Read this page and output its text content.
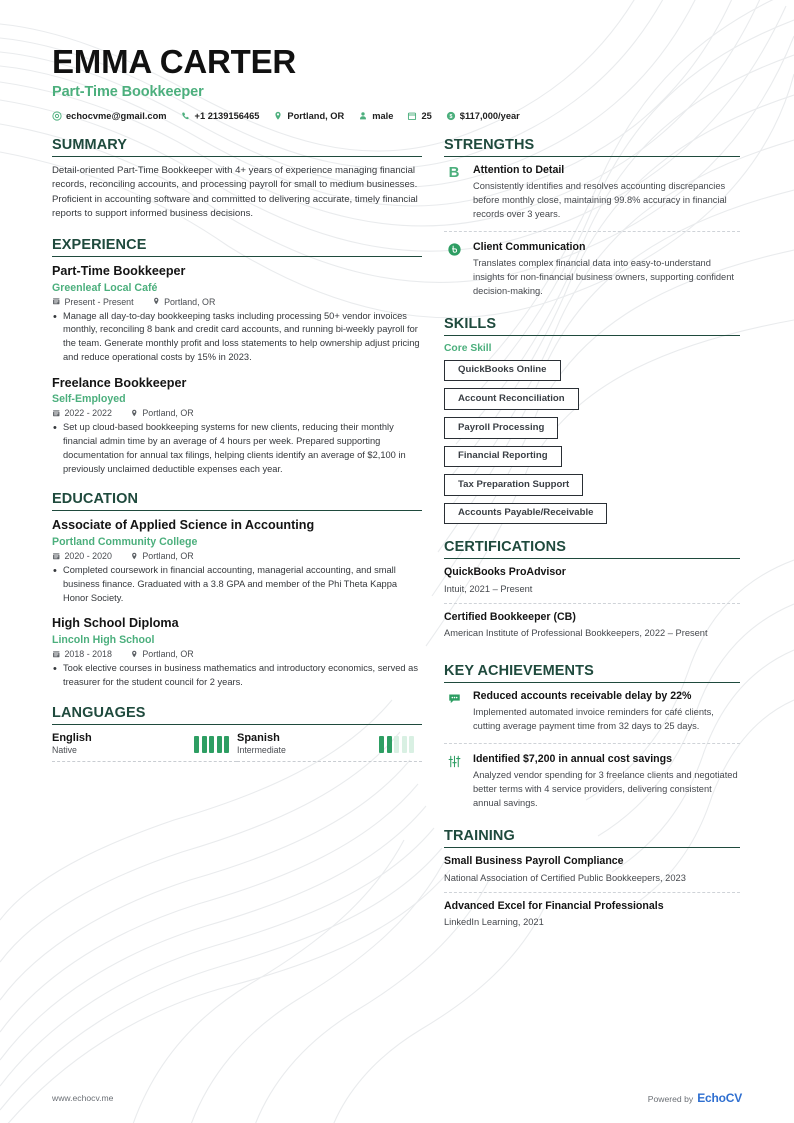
EMMA CARTER
Part-Time Bookkeeper
echocvme@gmail.com	+1 2139156465	Portland, OR	male	25 $ $117,000/year
SUMMARY
Detail-oriented Part-Time Bookkeeper with 4+ years of experience managing financial records, reconciling accounts, and processing payroll for small to medium businesses. Proficient in accounting software and committed to delivering accurate, timely financial reports to support informed business decisions.
EXPERIENCE
Part-Time Bookkeeper
Greenleaf Local Café
Present - Present	Portland, OR
• Manage all day-to-day bookkeeping tasks including processing 50+ vendor invoices monthly, reconciling 8 bank and credit card accounts, and running bi-weekly payroll for the team. Generate monthly profit and loss statements to help ownership adjust pricing and reduce operational costs by 15% in 2023.
Freelance Bookkeeper
Self-Employed
2022 - 2022	Portland, OR
• Set up cloud-based bookkeeping systems for new clients, reducing their monthly financial admin time by an average of 4 hours per week. Prepared supporting documentation for annual tax filings, helping clients identify an average of $2,100 in previously unclaimed deductible expenses each year.
EDUCATION
Associate of Applied Science in Accounting
Portland Community College
2020 - 2020	Portland, OR
• Completed coursework in financial accounting, managerial accounting, and small business finance. Graduated with a 3.8 GPA and member of the Phi Theta Kappa Honor Society.
High School Diploma
Lincoln High School
2018 - 2018	Portland, OR
• Took elective courses in business mathematics and introductory economics, served as treasurer for the student council for 2 years.
LANGUAGES
English
Native
Spanish
Intermediate
STRENGTHS
B Attention to Detail
Consistently identifies and resolves accounting discrepancies before monthly close, maintaining 99.8% accuracy in financial records over 3 years.
Client Communication
Translates complex financial data into easy-to-understand insights for non-financial business owners, supporting confident decision-making.
SKILLS
Core Skill
QuickBooks Online
Account Reconciliation
Payroll Processing
Financial Reporting
Tax Preparation Support
Accounts Payable/Receivable
CERTIFICATIONS
QuickBooks ProAdvisor
Intuit, 2021 – Present
Certified Bookkeeper (CB)
American Institute of Professional Bookkeepers, 2022 – Present
KEY ACHIEVEMENTS
Reduced accounts receivable delay by 22%
Implemented automated invoice reminders for café clients, cutting average payment time from 32 days to 25 days.
Identified $7,200 in annual cost savings
Analyzed vendor spending for 3 freelance clients and negotiated better terms with 4 service providers, delivering consistent annual savings.
TRAINING
Small Business Payroll Compliance
National Association of Certified Public Bookkeepers, 2023
Advanced Excel for Financial Professionals
LinkedIn Learning, 2021
www.echocv.me	Powered by EchoCV
